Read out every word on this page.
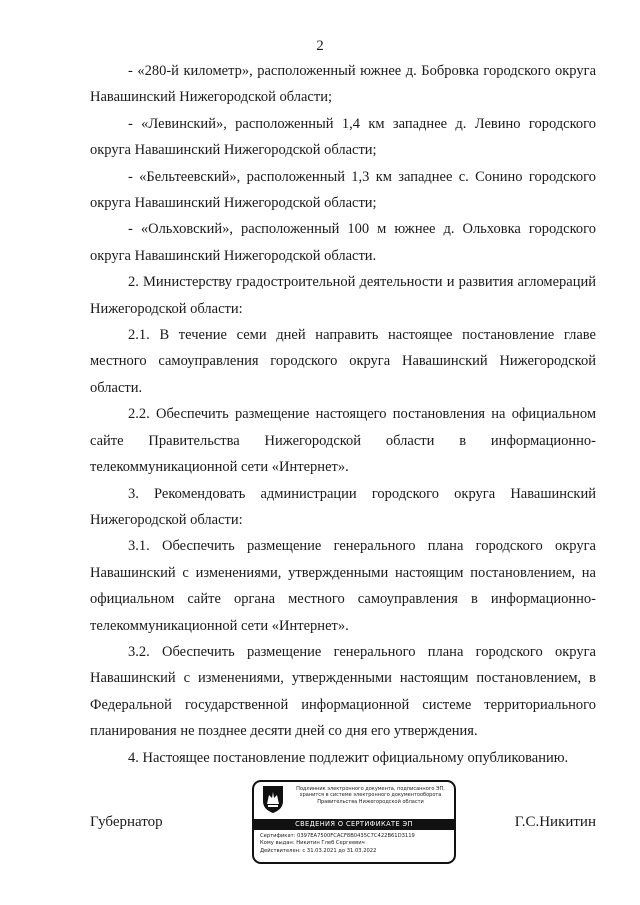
2

- «280-й километр», расположенный южнее д. Бобровка городского округа Навашинский Нижегородской области;

- «Левинский», расположенный 1,4 км западнее д. Левино городского округа Навашинский Нижегородской области;

- «Бельтеевский», расположенный 1,3 км западнее с. Сонино городского округа Навашинский Нижегородской области;

- «Ольховский», расположенный 100 м южнее д. Ольховка городского округа Навашинский Нижегородской области.

2. Министерству градостроительной деятельности и развития агломераций Нижегородской области:

2.1. В течение семи дней направить настоящее постановление главе местного самоуправления городского округа Навашинский Нижегородской области.

2.2. Обеспечить размещение настоящего постановления на официальном сайте Правительства Нижегородской области в информационно-телекоммуникационной сети «Интернет».

3. Рекомендовать администрации городского округа Навашинский Нижегородской области:

3.1. Обеспечить размещение генерального плана городского округа Навашинский с изменениями, утвержденными настоящим постановлением, на официальном сайте органа местного самоуправления в информационно-телекоммуникационной сети «Интернет».

3.2. Обеспечить размещение генерального плана городского округа Навашинский с изменениями, утвержденными настоящим постановлением, в Федеральной государственной информационной системе территориального планирования не позднее десяти дней со дня его утверждения.

4. Настоящее постановление подлежит официальному опубликованию.

Губернатор
Подлинник электронного документа, подписанного ЭП, хранится в системе электронного документооборота Правительства Нижегородской области
СВЕДЕНИЯ О СЕРТИФИКАТЕ ЭП
Сертификат: 0397EA7500FCACF8B0435C7C422B61D3119
Кому выдан: Никитин Глеб Сергеевич
Действителен: с 31.03.2021 до 31.03.2022
Г.С.Никитин
